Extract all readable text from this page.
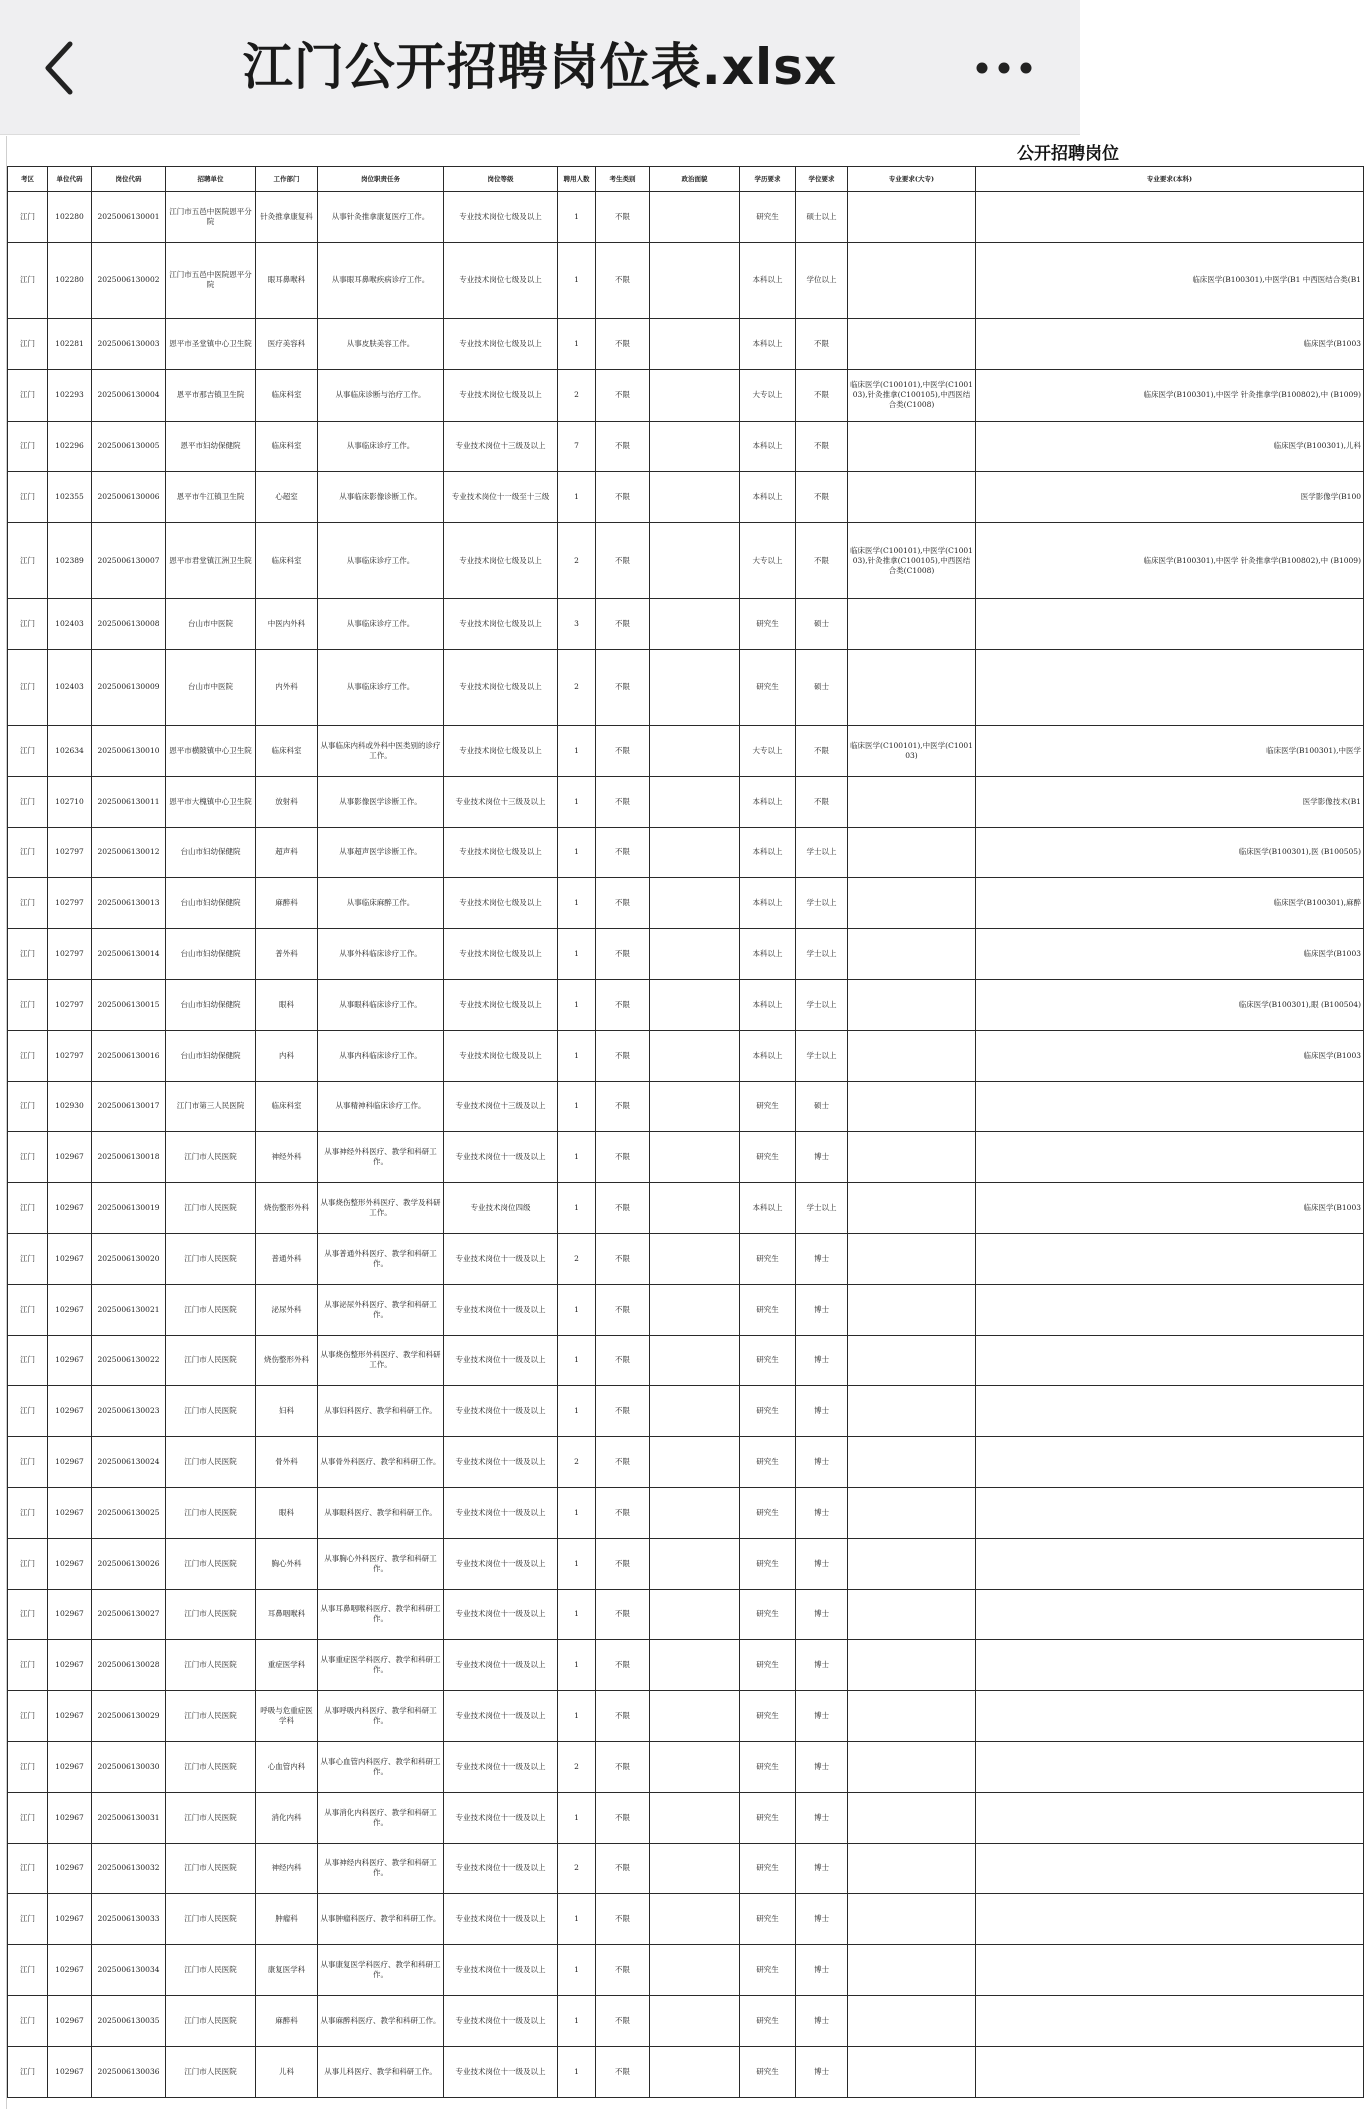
江门公开招聘岗位表.xlsx
公开招聘岗位
考区	单位代码	岗位代码	招聘单位	工作部门	岗位职责任务	岗位等级	聘用人数	考生类别	政治面貌	学历要求	学位要求	专业要求(大专)	专业要求(本科)
江门	102280	2025006130001	江门市五邑中医院恩平分院	针灸推拿康复科	从事针灸推拿康复医疗工作。	专业技术岗位七级及以上	1	不限		研究生	硕士以上		
江门	102280	2025006130002	江门市五邑中医院恩平分院	眼耳鼻喉科	从事眼耳鼻喉疾病诊疗工作。	专业技术岗位七级及以上	1	不限		本科以上	学位以上		临床医学(B100301),中医学(B1 中西医结合类(B1
江门	102281	2025006130003	恩平市圣堂镇中心卫生院	医疗美容科	从事皮肤美容工作。	专业技术岗位七级及以上	1	不限		本科以上	不限		临床医学(B1003
江门	102293	2025006130004	恩平市那吉镇卫生院	临床科室	从事临床诊断与治疗工作。	专业技术岗位七级及以上	2	不限		大专以上	不限	临床医学(C100101),中医学(C100103),针灸推拿(C100105),中西医结合类(C1008)	临床医学(B100301),中医学 针灸推拿学(B100802),中 (B1009)
江门	102296	2025006130005	恩平市妇幼保健院	临床科室	从事临床诊疗工作。	专业技术岗位十三级及以上	7	不限		本科以上	不限		临床医学(B100301),儿科
江门	102355	2025006130006	恩平市牛江镇卫生院	心超室	从事临床影像诊断工作。	专业技术岗位十一级至十三级	1	不限		本科以上	不限		医学影像学(B100
江门	102389	2025006130007	恩平市君堂镇江洲卫生院	临床科室	从事临床诊疗工作。	专业技术岗位七级及以上	2	不限		大专以上	不限	临床医学(C100101),中医学(C100103),针灸推拿(C100105),中西医结合类(C1008)	临床医学(B100301),中医学 针灸推拿学(B100802),中 (B1009)
江门	102403	2025006130008	台山市中医院	中医内外科	从事临床诊疗工作。	专业技术岗位七级及以上	3	不限		研究生	硕士		
江门	102403	2025006130009	台山市中医院	内外科	从事临床诊疗工作。	专业技术岗位七级及以上	2	不限		研究生	硕士		
江门	102634	2025006130010	恩平市横陂镇中心卫生院	临床科室	从事临床内科或外科中医类别的诊疗工作。	专业技术岗位七级及以上	1	不限		大专以上	不限	临床医学(C100101),中医学(C100103)	临床医学(B100301),中医学
江门	102710	2025006130011	恩平市大槐镇中心卫生院	放射科	从事影像医学诊断工作。	专业技术岗位十三级及以上	1	不限		本科以上	不限		医学影像技术(B1
江门	102797	2025006130012	台山市妇幼保健院	超声科	从事超声医学诊断工作。	专业技术岗位七级及以上	1	不限		本科以上	学士以上		临床医学(B100301),医 (B100505)
江门	102797	2025006130013	台山市妇幼保健院	麻醉科	从事临床麻醉工作。	专业技术岗位七级及以上	1	不限		本科以上	学士以上		临床医学(B100301),麻醉
江门	102797	2025006130014	台山市妇幼保健院	普外科	从事外科临床诊疗工作。	专业技术岗位七级及以上	1	不限		本科以上	学士以上		临床医学(B1003
江门	102797	2025006130015	台山市妇幼保健院	眼科	从事眼科临床诊疗工作。	专业技术岗位七级及以上	1	不限		本科以上	学士以上		临床医学(B100301),眼 (B100504)
江门	102797	2025006130016	台山市妇幼保健院	内科	从事内科临床诊疗工作。	专业技术岗位七级及以上	1	不限		本科以上	学士以上		临床医学(B1003
江门	102930	2025006130017	江门市第三人民医院	临床科室	从事精神科临床诊疗工作。	专业技术岗位十三级及以上	1	不限		研究生	硕士		
江门	102967	2025006130018	江门市人民医院	神经外科	从事神经外科医疗、教学和科研工作。	专业技术岗位十一级及以上	1	不限		研究生	博士		
江门	102967	2025006130019	江门市人民医院	烧伤整形外科	从事烧伤整形外科医疗、教学及科研工作。	专业技术岗位四级	1	不限		本科以上	学士以上		临床医学(B1003
江门	102967	2025006130020	江门市人民医院	普通外科	从事普通外科医疗、教学和科研工作。	专业技术岗位十一级及以上	2	不限		研究生	博士		
江门	102967	2025006130021	江门市人民医院	泌尿外科	从事泌尿外科医疗、教学和科研工作。	专业技术岗位十一级及以上	1	不限		研究生	博士		
江门	102967	2025006130022	江门市人民医院	烧伤整形外科	从事烧伤整形外科医疗、教学和科研工作。	专业技术岗位十一级及以上	1	不限		研究生	博士		
江门	102967	2025006130023	江门市人民医院	妇科	从事妇科医疗、教学和科研工作。	专业技术岗位十一级及以上	1	不限		研究生	博士		
江门	102967	2025006130024	江门市人民医院	骨外科	从事骨外科医疗、教学和科研工作。	专业技术岗位十一级及以上	2	不限		研究生	博士		
江门	102967	2025006130025	江门市人民医院	眼科	从事眼科医疗、教学和科研工作。	专业技术岗位十一级及以上	1	不限		研究生	博士		
江门	102967	2025006130026	江门市人民医院	胸心外科	从事胸心外科医疗、教学和科研工作。	专业技术岗位十一级及以上	1	不限		研究生	博士		
江门	102967	2025006130027	江门市人民医院	耳鼻咽喉科	从事耳鼻咽喉科医疗、教学和科研工作。	专业技术岗位十一级及以上	1	不限		研究生	博士		
江门	102967	2025006130028	江门市人民医院	重症医学科	从事重症医学科医疗、教学和科研工作。	专业技术岗位十一级及以上	1	不限		研究生	博士		
江门	102967	2025006130029	江门市人民医院	呼吸与危重症医学科	从事呼吸内科医疗、教学和科研工作。	专业技术岗位十一级及以上	1	不限		研究生	博士		
江门	102967	2025006130030	江门市人民医院	心血管内科	从事心血管内科医疗、教学和科研工作。	专业技术岗位十一级及以上	2	不限		研究生	博士		
江门	102967	2025006130031	江门市人民医院	消化内科	从事消化内科医疗、教学和科研工作。	专业技术岗位十一级及以上	1	不限		研究生	博士		
江门	102967	2025006130032	江门市人民医院	神经内科	从事神经内科医疗、教学和科研工作。	专业技术岗位十一级及以上	2	不限		研究生	博士		
江门	102967	2025006130033	江门市人民医院	肿瘤科	从事肿瘤科医疗、教学和科研工作。	专业技术岗位十一级及以上	1	不限		研究生	博士		
江门	102967	2025006130034	江门市人民医院	康复医学科	从事康复医学科医疗、教学和科研工作。	专业技术岗位十一级及以上	1	不限		研究生	博士		
江门	102967	2025006130035	江门市人民医院	麻醉科	从事麻醉科医疗、教学和科研工作。	专业技术岗位十一级及以上	1	不限		研究生	博士		
江门	102967	2025006130036	江门市人民医院	儿科	从事儿科医疗、教学和科研工作。	专业技术岗位十一级及以上	1	不限		研究生	博士		
